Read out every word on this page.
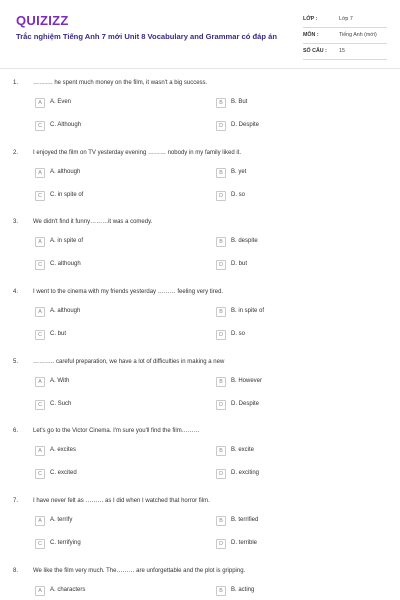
QUIZIZZ
Trắc nghiệm Tiếng Anh 7 mới Unit 8 Vocabulary and Grammar có đáp án
LỚP :	Lớp 7
MÔN :	Tiếng Anh (mới)
SỐ CÂU : 15
1. ………. he spent much money on the film, it wasn't a big success.
A	A. Even	B	B. But
C	C. Although	D	D. Despite
2. I enjoyed the film on TV yesterday evening ……… nobody in my family liked it.
A	A. although	B	B. yet
C	C. in spite of	D	D. so
3. We didn't find it funny………it was a comedy.
A	A. in spite of	B	B. despite
C	C. although	D	D. but
4. I went to the cinema with my friends yesterday ……… feeling very tired.
A	A. although	B	B. in spite of
C	C. but	D	D. so
5. ……….. careful preparation, we have a lot of difficulties in making a new
A	A. With	B	B. However
C	C. Such	D	D. Despite
6. Let's go to the Victor Cinema. I'm sure you'll find the film………
A	A. excites	B	B. excite
C	C. excited	D	D. exciting
7. I have never felt as ……… as I did when I watched that horror film.
A	A. terrify	B	B. terrified
C	C. terrifying	D	D. terrible
8. We like the film very much. The……… are unforgettable and the plot is gripping.
A	A. characters	B	B. acting
